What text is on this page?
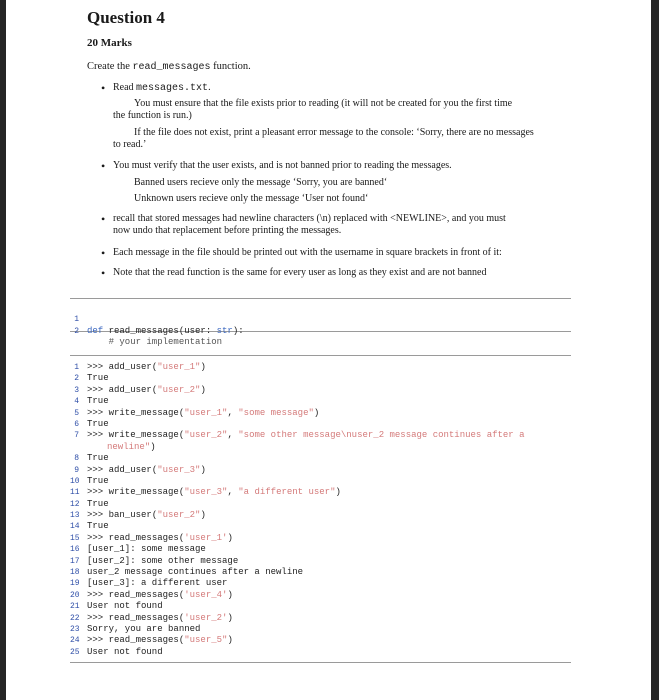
Question 4
20 Marks
Create the read_messages function.
• Read messages.txt.
You must ensure that the file exists prior to reading (it will not be created for you the first time
the function is run.)
If the file does not exist, print a pleasant error message to the console: ‘Sorry, there are no messages
to read.’
• You must verify that the user exists, and is not banned prior to reading the messages.
Banned users recieve only the message ‘Sorry, you are banned‘
Unknown users recieve only the message ‘User not found‘
• recall that stored messages had newline characters (\n) replaced with <NEWLINE>, and you must
now undo that replacement before printing the messages.
• Each message in the file should be printed out with the username in square brackets in front of it:
• Note that the read function is the same for every user as long as they exist and are not banned

1

def read_messages(user: str):

2

# your implementation

1 >>> add_user("user_1")
2 True
3 >>> add_user("user_2")
4 True
5 >>> write_message("user_1", "some message")
6 True
7 >>> write_message("user_2", "some other message\nuser_2 message continues after a
newline")
8 True
9 >>> add_user("user_3")
10 True
11 >>> write_message("user_3", "a different user")
12 True
13 >>> ban_user("user_2")
14 True
15 >>> read_messages('user_1')
16 [user_1]: some message
17 [user_2]: some other message
18 user_2 message continues after a newline
19 [user_3]: a different user
20 >>> read_messages('user_4')
21 User not found
22 >>> read_messages('user_2')
23 Sorry, you are banned
24 >>> read_messages("user_5")
25 User not found
